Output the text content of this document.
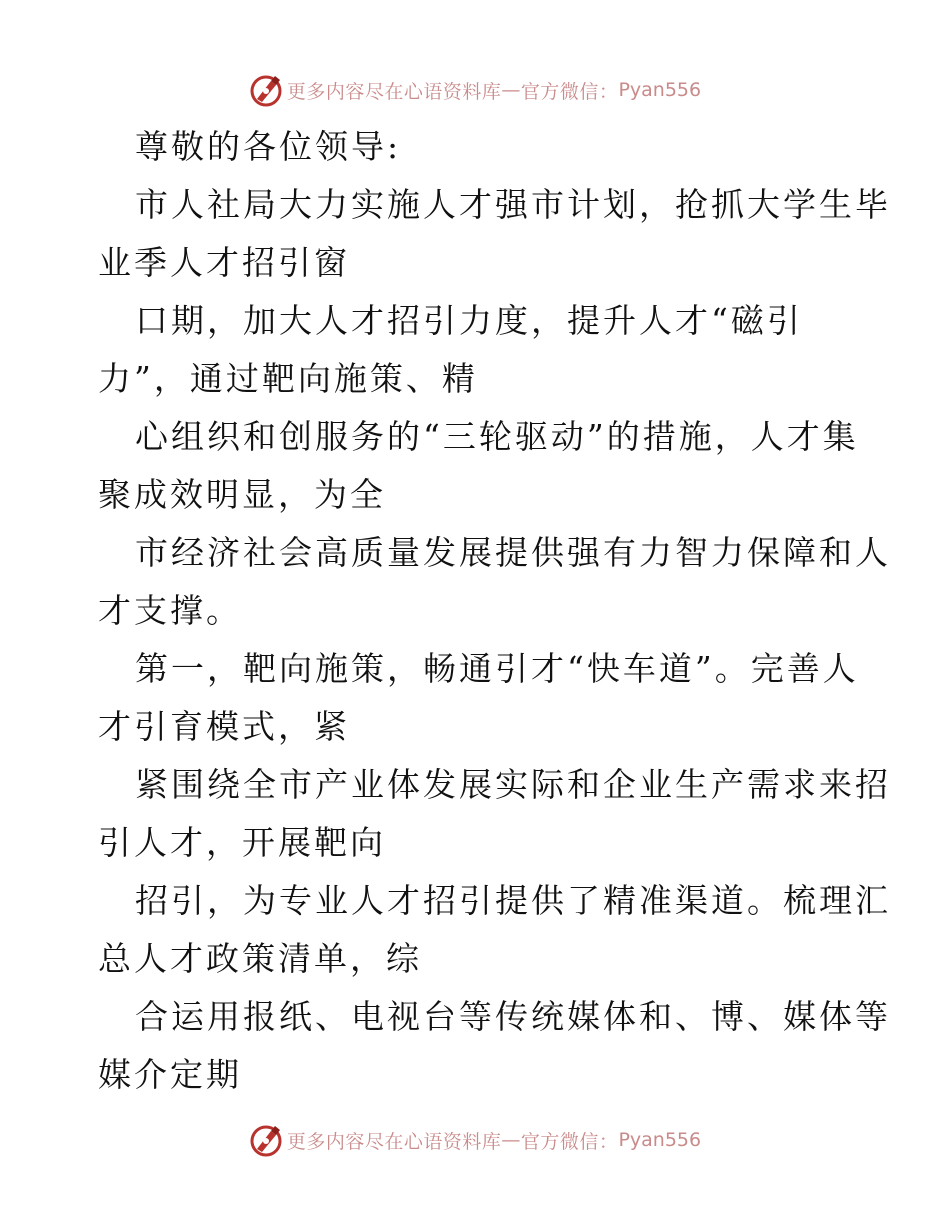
更多内容尽在心语资料库 — 官方微信： Pyan556
尊敬的各位领导:
市人社局大力实施人才强市计划，抢抓大学生毕
业季人才招引窗
口期，加大人才招引力度，提升人才“磁引
力”，通过靶向施策、精
心组织和创服务的“三轮驱动”的措施，人才集
聚成效明显，为全
市经济社会高质量发展提供强有力智力保障和人
才支撑。
第一，靶向施策，畅通引才“快车道”。完善人
才引育模式，紧
紧围绕全市产业体发展实际和企业生产需求来招
引人才，开展靶向
招引，为专业人才招引提供了精准渠道。梳理汇
总人才政策清单，综
合运用报纸、电视台等传统媒体和、博、媒体等
媒介定期
更多内容尽在心语资料库 — 官方微信： Pyan556
